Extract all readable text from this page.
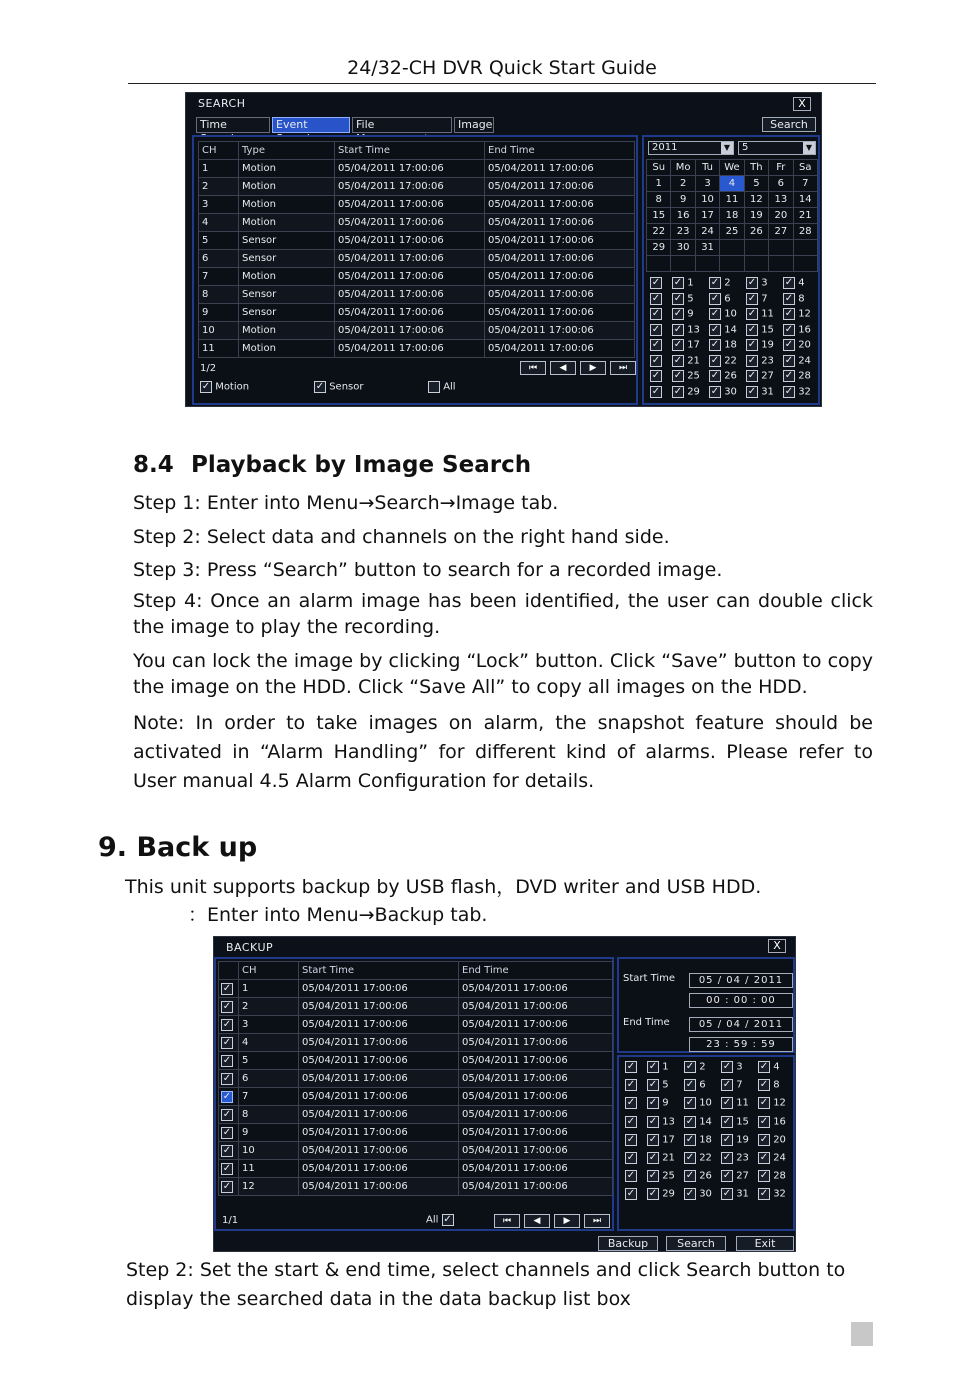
24/32-CH DVR Quick Start Guide
SEARCH	X
Time	Event	File	Image	Search
CH	Type	Start Time	End Time
1	Motion	05/04/2011 17:00:06	05/04/2011 17:00:06
2	Motion	05/04/2011 17:00:06	05/04/2011 17:00:06
3	Motion	05/04/2011 17:00:06	05/04/2011 17:00:06
4	Motion	05/04/2011 17:00:06	05/04/2011 17:00:06
5	Sensor	05/04/2011 17:00:06	05/04/2011 17:00:06
6	Sensor	05/04/2011 17:00:06	05/04/2011 17:00:06
7	Motion	05/04/2011 17:00:06	05/04/2011 17:00:06
8	Sensor	05/04/2011 17:00:06	05/04/2011 17:00:06
9	Sensor	05/04/2011 17:00:06	05/04/2011 17:00:06
10	Motion	05/04/2011 17:00:06	05/04/2011 17:00:06
11	Motion	05/04/2011 17:00:06	05/04/2011 17:00:06
1/2	⏮	◀	▶	⏭
✓ Motion	✓ Sensor	All
2011	▼	5	▼
Su	Mo	Tu	We	Th	Fr	Sa
1	2	3	4	5	6	7
8	9	10	11	12	13	14
15	16	17	18	19	20	21
22	23	24	25	26	27	28
29	30	31				

✓ ✓ 1 ✓ 2 ✓ 3 ✓ 4
✓ ✓ 5 ✓ 6 ✓ 7 ✓ 8
✓ ✓ 9 ✓ 10 ✓ 11 ✓ 12
✓ ✓ 13 ✓ 14 ✓ 15 ✓ 16
✓ ✓ 17 ✓ 18 ✓ 19 ✓ 20
✓ ✓ 21 ✓ 22 ✓ 23 ✓ 24
✓ ✓ 25 ✓ 26 ✓ 27 ✓ 28
✓ ✓ 29 ✓ 30 ✓ 31 ✓ 32
8.4 Playback by Image Search
Step 1: Enter into Menu→Search→Image tab.
Step 2: Select data and channels on the right hand side.
Step 3: Press “Search” button to search for a recorded image.
Step 4: Once an alarm image has been identified, the user can double click the image to play the recording.
You can lock the image by clicking “Lock” button. Click “Save” button to copy the image on the HDD. Click “Save All” to copy all images on the HDD.
Note: In order to take images on alarm, the snapshot feature should be activated in “Alarm Handling” for different kind of alarms. Please refer to User manual 4.5 Alarm Configuration for details.
9. Back up
This unit supports backup by USB flash，DVD writer and USB HDD.
：Enter into Menu→Backup tab.
BACKUP	X
	CH	Start Time	End Time
✓	1	05/04/2011 17:00:06	05/04/2011 17:00:06
✓	2	05/04/2011 17:00:06	05/04/2011 17:00:06
✓	3	05/04/2011 17:00:06	05/04/2011 17:00:06
✓	4	05/04/2011 17:00:06	05/04/2011 17:00:06
✓	5	05/04/2011 17:00:06	05/04/2011 17:00:06
✓	6	05/04/2011 17:00:06	05/04/2011 17:00:06
✓	7	05/04/2011 17:00:06	05/04/2011 17:00:06
✓	8	05/04/2011 17:00:06	05/04/2011 17:00:06
✓	9	05/04/2011 17:00:06	05/04/2011 17:00:06
✓	10	05/04/2011 17:00:06	05/04/2011 17:00:06
✓	11	05/04/2011 17:00:06	05/04/2011 17:00:06
✓	12	05/04/2011 17:00:06	05/04/2011 17:00:06
1/1	All ✓	⏮	◀	▶	⏭
Start Time	05 / 04 / 2011
00 : 00 : 00
End Time	05 / 04 / 2011
23 : 59 : 59
✓ ✓ 1 ✓ 2 ✓ 3 ✓ 4
✓ ✓ 5 ✓ 6 ✓ 7 ✓ 8
✓ ✓ 9 ✓ 10 ✓ 11 ✓ 12
✓ ✓ 13 ✓ 14 ✓ 15 ✓ 16
✓ ✓ 17 ✓ 18 ✓ 19 ✓ 20
✓ ✓ 21 ✓ 22 ✓ 23 ✓ 24
✓ ✓ 25 ✓ 26 ✓ 27 ✓ 28
✓ ✓ 29 ✓ 30 ✓ 31 ✓ 32
Backup	Search	Exit
Step 2: Set the start & end time, select channels and click Search button to display the searched data in the data backup list box
